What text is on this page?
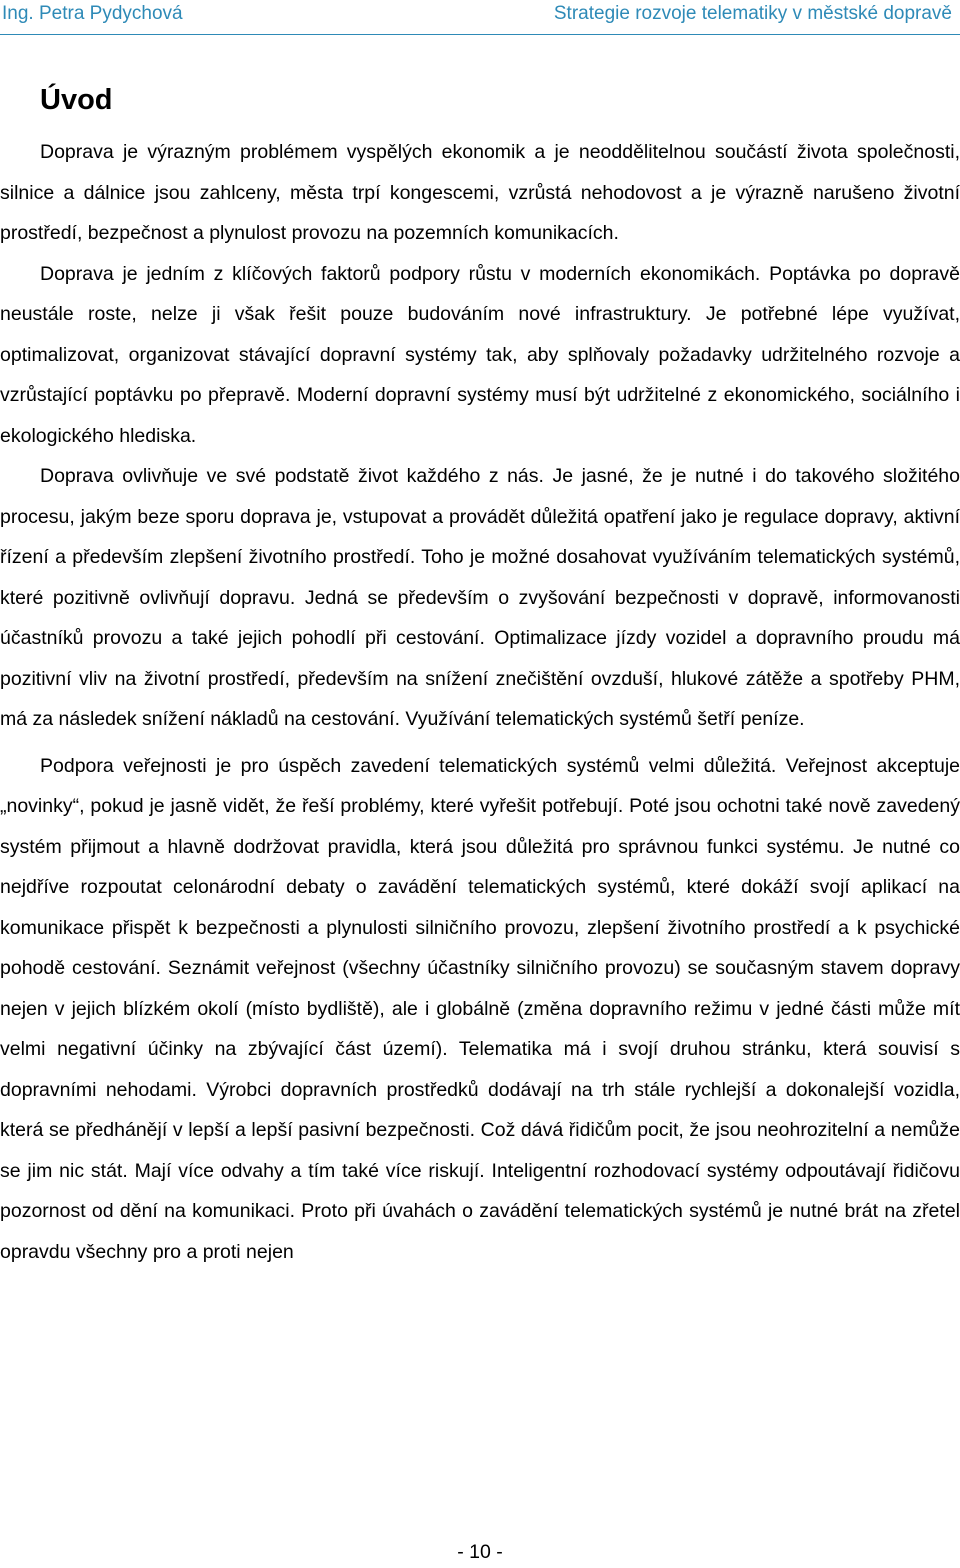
Ing. Petra Pydychová	Strategie rozvoje telematiky v městské dopravě
Úvod

Doprava je výrazným problémem vyspělých ekonomik a je neoddělitelnou součástí života společnosti, silnice a dálnice jsou zahlceny, města trpí kongescemi, vzrůstá nehodovost a je výrazně narušeno životní prostředí, bezpečnost a plynulost provozu na pozemních komunikacích.

Doprava je jedním z klíčových faktorů podpory růstu v moderních ekonomikách. Poptávka po dopravě neustále roste, nelze ji však řešit pouze budováním nové infrastruktury. Je potřebné lépe využívat, optimalizovat, organizovat stávající dopravní systémy tak, aby splňovaly požadavky udržitelného rozvoje a vzrůstající poptávku po přepravě. Moderní dopravní systémy musí být udržitelné z ekonomického, sociálního i ekologického hlediska.

Doprava ovlivňuje ve své podstatě život každého z nás. Je jasné, že je nutné i do takového složitého procesu, jakým beze sporu doprava je, vstupovat a provádět důležitá opatření jako je regulace dopravy, aktivní řízení a především zlepšení životního prostředí. Toho je možné dosahovat využíváním telematických systémů, které pozitivně ovlivňují dopravu. Jedná se především o zvyšování bezpečnosti v dopravě, informovanosti účastníků provozu a také jejich pohodlí při cestování. Optimalizace jízdy vozidel a dopravního proudu má pozitivní vliv na životní prostředí, především na snížení znečištění ovzduší, hlukové zátěže a spotřeby PHM, má za následek snížení nákladů na cestování. Využívání telematických systémů šetří peníze.

Podpora veřejnosti je pro úspěch zavedení telematických systémů velmi důležitá. Veřejnost akceptuje „novinky“, pokud je jasně vidět, že řeší problémy, které vyřešit potřebují. Poté jsou ochotni také nově zavedený systém přijmout a hlavně dodržovat pravidla, která jsou důležitá pro správnou funkci systému. Je nutné co nejdříve rozpoutat celonárodní debaty o zavádění telematických systémů, které dokáží svojí aplikací na komunikace přispět k bezpečnosti a plynulosti silničního provozu, zlepšení životního prostředí a k psychické pohodě cestování. Seznámit veřejnost (všechny účastníky silničního provozu) se současným stavem dopravy nejen v jejich blízkém okolí (místo bydliště), ale i globálně (změna dopravního režimu v jedné části může mít velmi negativní účinky na zbývající část území). Telematika má i svojí druhou stránku, která souvisí s dopravními nehodami. Výrobci dopravních prostředků dodávají na trh stále rychlejší a dokonalejší vozidla, která se předhánějí v lepší a lepší pasivní bezpečnosti. Což dává řidičům pocit, že jsou neohrozitelní a nemůže se jim nic stát. Mají více odvahy a tím také více riskují. Inteligentní rozhodovací systémy odpoutávají řidičovu pozornost od dění na komunikaci. Proto při úvahách o zavádění telematických systémů je nutné brát na zřetel opravdu všechny pro a proti nejen

- 10 -
